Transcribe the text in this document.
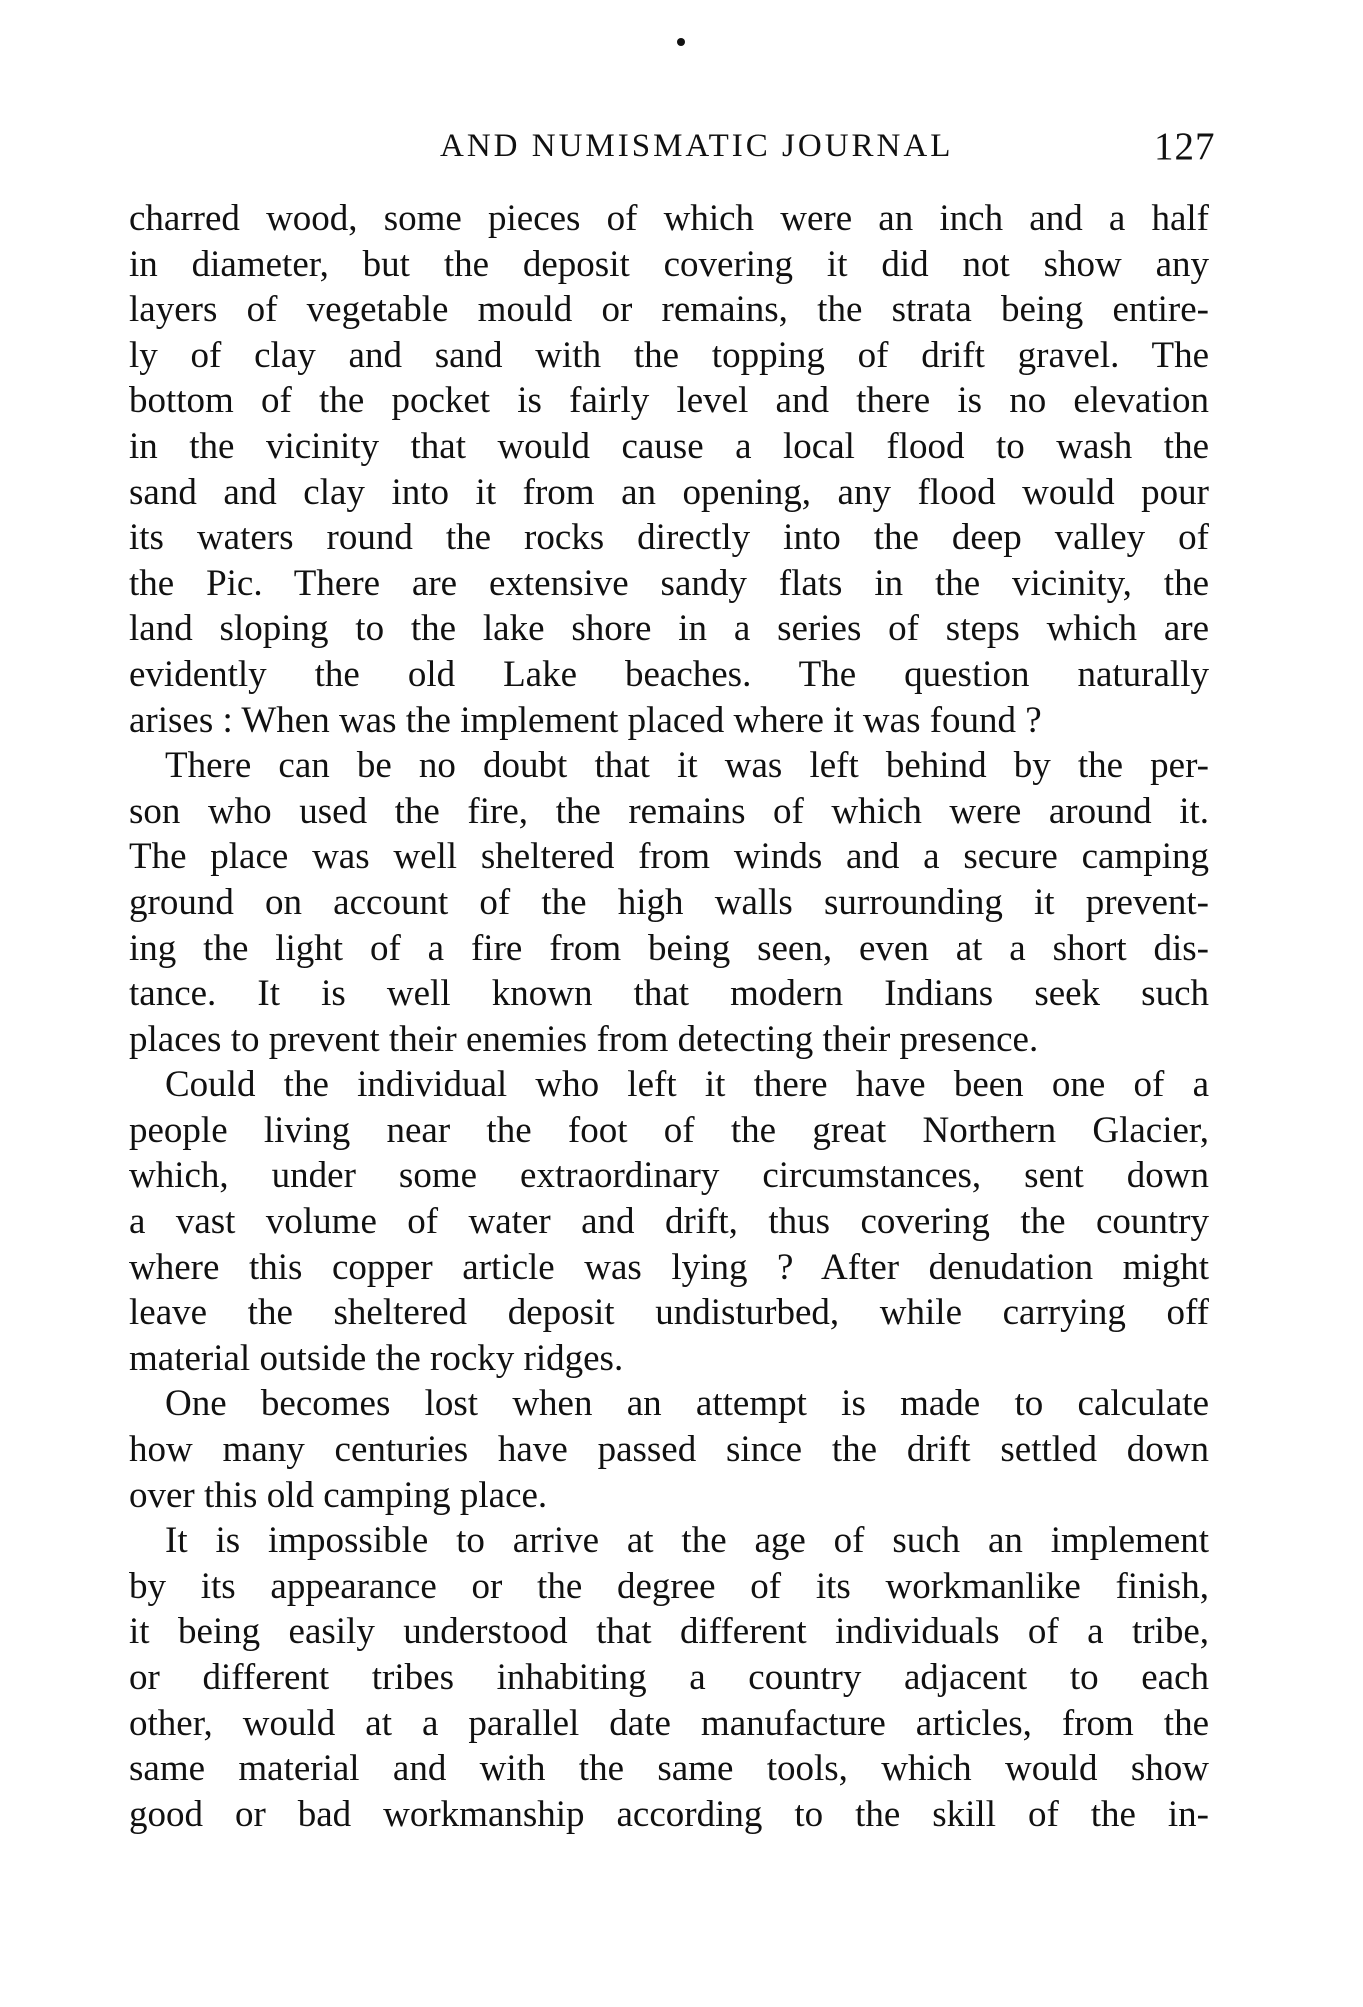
AND NUMISMATIC JOURNAL	127
charred wood, some pieces of which were an inch and a half
in diameter, but the deposit covering it did not show any
layers of vegetable mould or remains, the strata being entire-
ly of clay and sand with the topping of drift gravel. The
bottom of the pocket is fairly level and there is no elevation
in the vicinity that would cause a local flood to wash the
sand and clay into it from an opening, any flood would pour
its waters round the rocks directly into the deep valley of
the Pic. There are extensive sandy flats in the vicinity, the
land sloping to the lake shore in a series of steps which are
evidently the old Lake beaches. The question naturally
arises : When was the implement placed where it was found ?
There can be no doubt that it was left behind by the per-
son who used the fire, the remains of which were around it.
The place was well sheltered from winds and a secure camping
ground on account of the high walls surrounding it prevent-
ing the light of a fire from being seen, even at a short dis-
tance. It is well known that modern Indians seek such
places to prevent their enemies from detecting their presence.
Could the individual who left it there have been one of a
people living near the foot of the great Northern Glacier,
which, under some extraordinary circumstances, sent down
a vast volume of water and drift, thus covering the country
where this copper article was lying ? After denudation might
leave the sheltered deposit undisturbed, while carrying off
material outside the rocky ridges.
One becomes lost when an attempt is made to calculate
how many centuries have passed since the drift settled down
over this old camping place.
It is impossible to arrive at the age of such an implement
by its appearance or the degree of its workmanlike finish,
it being easily understood that different individuals of a tribe,
or different tribes inhabiting a country adjacent to each
other, would at a parallel date manufacture articles, from the
same material and with the same tools, which would show
good or bad workmanship according to the skill of the in-
